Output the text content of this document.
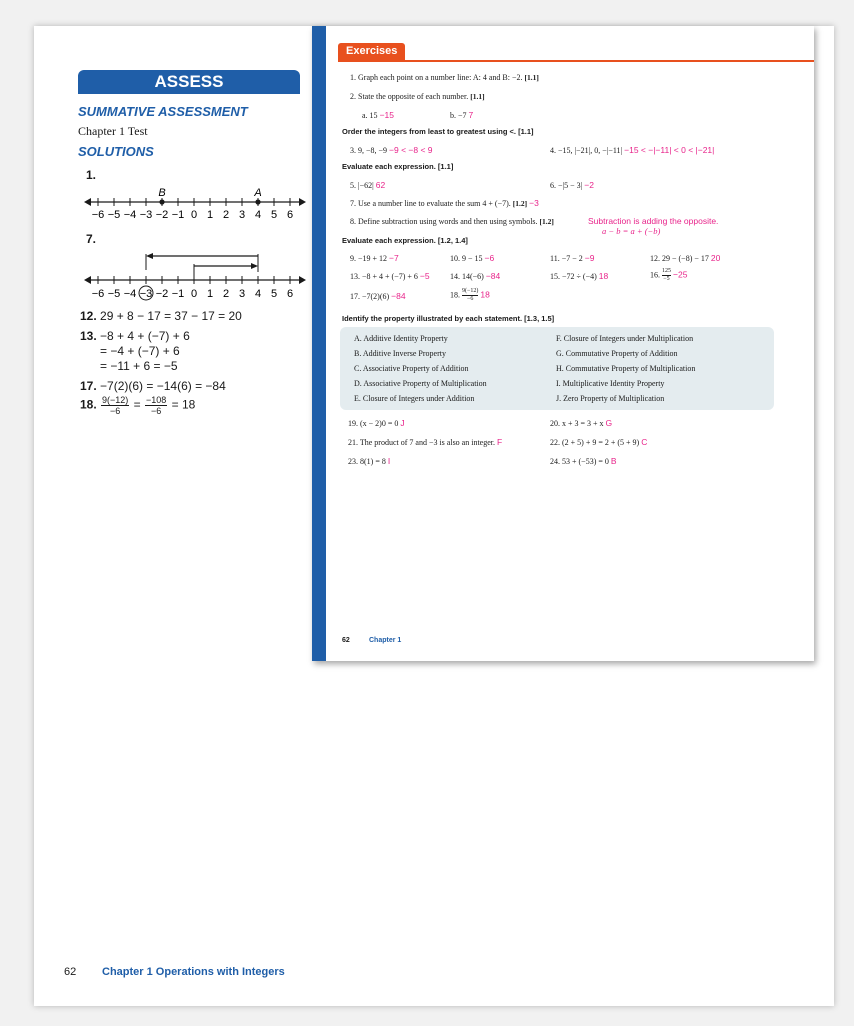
ASSESS
SUMMATIVE ASSESSMENT
Chapter 1 Test
SOLUTIONS
1.
B	A
−6 −5 −4 −3 −2 −1 0 1 2 3 4 5 6
7.
−6 −5 −4 −3 −2 −1 0 1 2 3 4 5 6
12. 29 + 8 − 17 = 37 − 17 = 20
13. −8 + 4 + (−7) + 6
= −4 + (−7) + 6
= −11 + 6 = −5
17. −7(2)(6) = −14(6) = −84
18. $\frac{9(-12)}{-6} = \frac{-108}{-6} = 18$
Exercises
1. Graph each point on a number line: A: 4 and B: −2. [1.1]
2. State the opposite of each number. [1.1]
a. 15 −15	b. −7 7
Order the integers from least to greatest using <. [1.1]
3. 9, −8, −9 −9 < −8 < 9	4. −15, |−21|, 0, −|−11| −15 < −|−11| < 0 < |−21|
Evaluate each expression. [1.1]
5. |−62| 62	6. −|5 − 3| −2
7. Use a number line to evaluate the sum 4 + (−7). [1.2] −3
8. Define subtraction using words and then using symbols. [1.2]	Subtraction is adding the opposite.
a − b = a + (−b)
Evaluate each expression. [1.2, 1.4]
9. −19 + 12 −7	10. 9 − 15 −6	11. −7 − 2 −9	12. 29 − (−8) − 17 20
13. −8 + 4 + (−7) + 6 −5	14. 14(−6) −84	15. −72 ÷ (−4) 18	16. $\frac{125}{-5} -25$
17. −7(2)(6) −84	18. $\frac{9(-12)}{-6} 18$
Identify the property illustrated by each statement. [1.3, 1.5]
A. Additive Identity Property
B. Additive Inverse Property
C. Associative Property of Addition
D. Associative Property of Multiplication
E. Closure of Integers under Addition
F. Closure of Integers under Multiplication
G. Commutative Property of Addition
H. Commutative Property of Multiplication
I. Multiplicative Identity Property
J. Zero Property of Multiplication
19. (x − 2)0 = 0 J	20. x + 3 = 3 + x G
21. The product of 7 and −3 is also an integer. F	22. (2 + 5) + 9 = 2 + (5 + 9) C
23. 8(1) = 8 I	24. 53 + (−53) = 0 B
62	Chapter 1
62 Chapter 1 Operations with Integers
